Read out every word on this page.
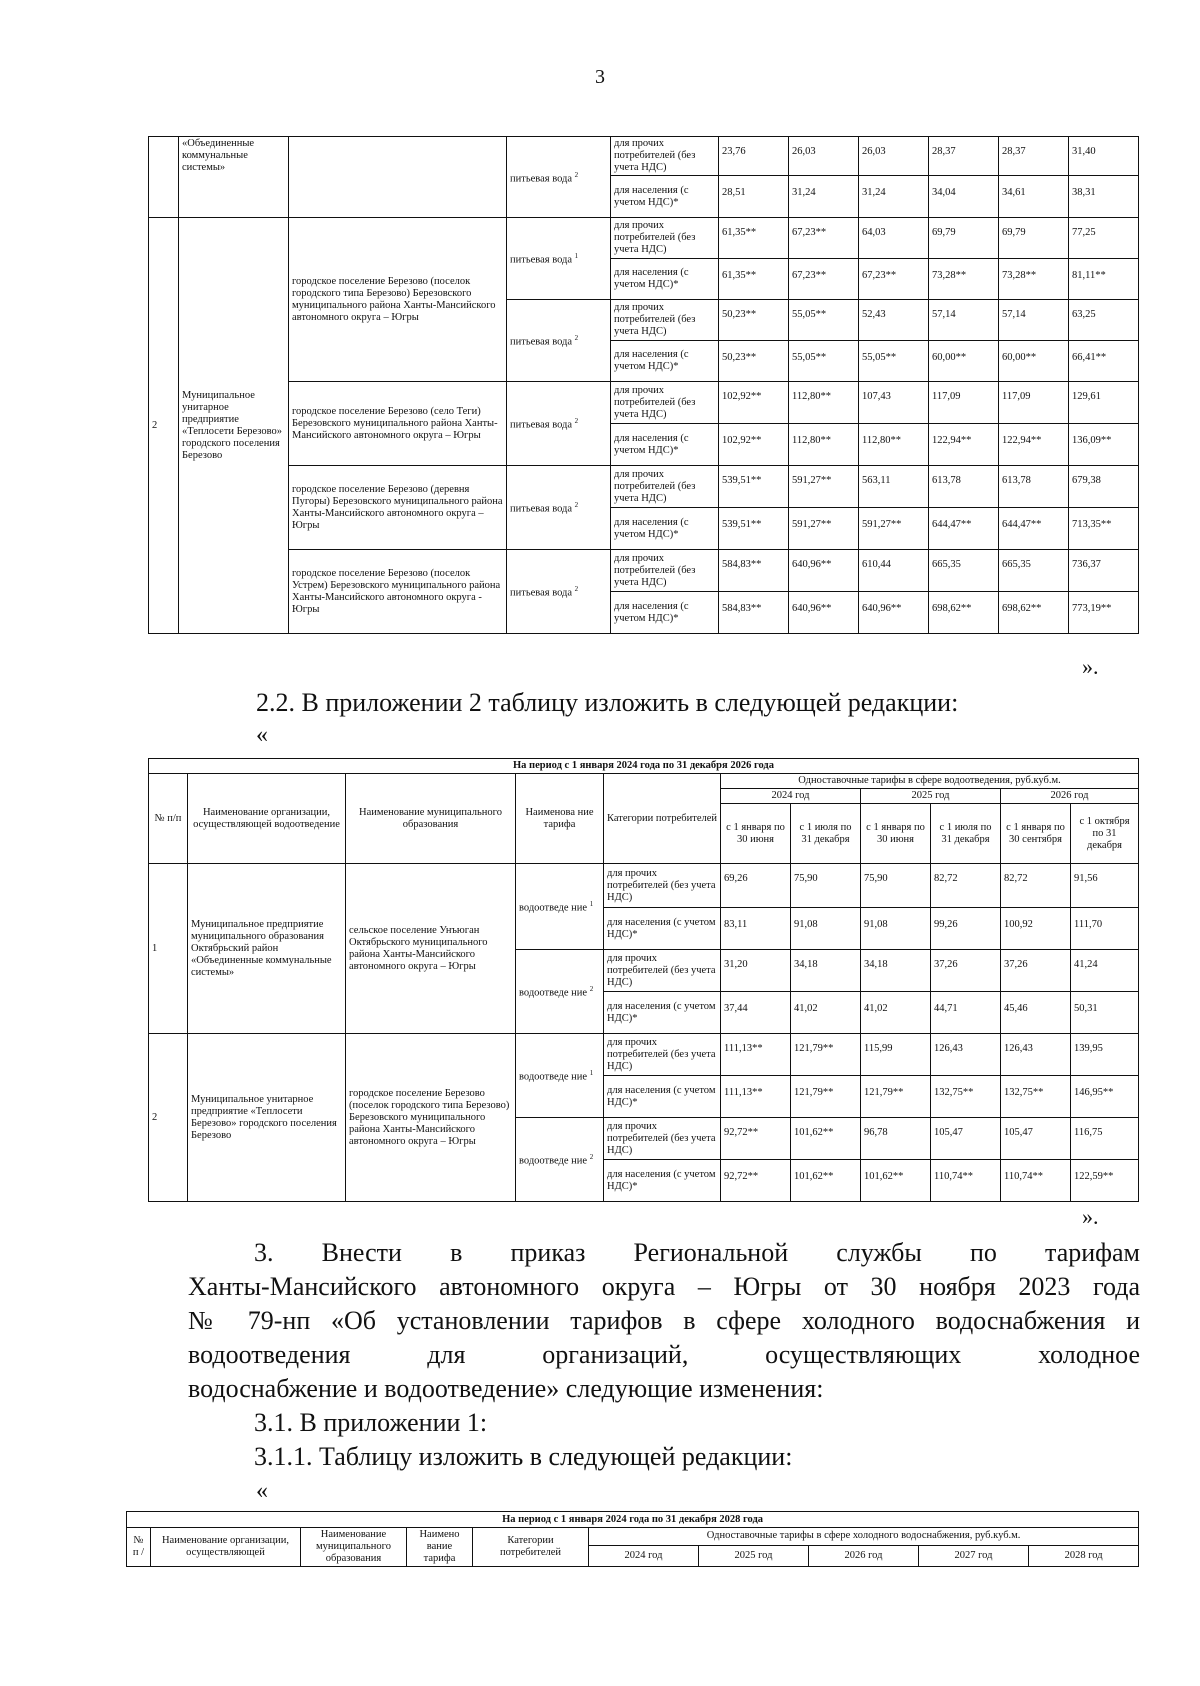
3
	«Объединенные коммунальные системы»		питьевая вода $^2$	для прочих потребителей (без учета НДС)	23,76	26,03	26,03	28,37	28,37	31,40
				для населения (с учетом НДС)*	28,51	31,24	31,24	34,04	34,61	38,31
2	Муниципальное унитарное предприятие «Теплосети Березово» городского поселения Березово	городское поселение Березово (поселок городского типа Березово) Березовского муниципального района Ханты-Мансийского автономного округа – Югры	питьевая вода $^1$	для прочих потребителей (без учета НДС)	61,35**	67,23**	64,03	69,79	69,79	77,25
				для населения (с учетом НДС)*	61,35**	67,23**	67,23**	73,28**	73,28**	81,11**
			питьевая вода $^2$	для прочих потребителей (без учета НДС)	50,23**	55,05**	52,43	57,14	57,14	63,25
				для населения (с учетом НДС)*	50,23**	55,05**	55,05**	60,00**	60,00**	66,41**
		городское поселение Березово (село Теги) Березовского муниципального района Ханты-Мансийского автономного округа – Югры	питьевая вода $^2$	для прочих потребителей (без учета НДС)	102,92**	112,80**	107,43	117,09	117,09	129,61
				для населения (с учетом НДС)*	102,92**	112,80**	112,80**	122,94**	122,94**	136,09**
		городское поселение Березово (деревня Пугоры) Березовского муниципального района Ханты-Мансийского автономного округа – Югры	питьевая вода $^2$	для прочих потребителей (без учета НДС)	539,51**	591,27**	563,11	613,78	613,78	679,38
				для населения (с учетом НДС)*	539,51**	591,27**	591,27**	644,47**	644,47**	713,35**
		городское поселение Березово (поселок Устрем) Березовского муниципального района Ханты-Мансийского автономного округа - Югры	питьевая вода $^2$	для прочих потребителей (без учета НДС)	584,83**	640,96**	610,44	665,35	665,35	736,37
				для населения (с учетом НДС)*	584,83**	640,96**	640,96**	698,62**	698,62**	773,19**
».
2.2. В приложении 2 таблицу изложить в следующей редакции:
«
На период с 1 января 2024 года по 31 декабря 2026 года										
№ п/п	Наименование организации, осуществляющей водоотведение	Наименование муниципального образования	Наименова ние тарифа	Категории потребителей	Одноставочные тарифы в сфере водоотведения, руб.куб.м.					
					2024 год		2025 год		2026 год	
					с 1 января по 30 июня	с 1 июля по 31 декабря	с 1 января по 30 июня	с 1 июля по 31 декабря	с 1 января по 30 сентября	с 1 октября по 31 декабря
1	Муниципальное предприятие муниципального образования Октябрьский район «Объединенные коммунальные системы»	сельское поселение Унъюган Октябрьского муниципального района Ханты-Мансийского автономного округа – Югры	водоотведе ние $^1$	для прочих потребителей (без учета НДС)	69,26	75,90	75,90	82,72	82,72	91,56
				для населения (с учетом НДС)*	83,11	91,08	91,08	99,26	100,92	111,70
			водоотведе ние $^2$	для прочих потребителей (без учета НДС)	31,20	34,18	34,18	37,26	37,26	41,24
				для населения (с учетом НДС)*	37,44	41,02	41,02	44,71	45,46	50,31
2	Муниципальное унитарное предприятие «Теплосети Березово» городского поселения Березово	городское поселение Березово (поселок городского типа Березово) Березовского муниципального района Ханты-Мансийского автономного округа – Югры	водоотведе ние $^1$	для прочих потребителей (без учета НДС)	111,13**	121,79**	115,99	126,43	126,43	139,95
				для населения (с учетом НДС)*	111,13**	121,79**	121,79**	132,75**	132,75**	146,95**
			водоотведе ние $^2$	для прочих потребителей (без учета НДС)	92,72**	101,62**	96,78	105,47	105,47	116,75
				для населения (с учетом НДС)*	92,72**	101,62**	101,62**	110,74**	110,74**	122,59**
».
3. Внести в приказ Региональной службы по тарифам
Ханты-Мансийского автономного округа – Югры от 30 ноября 2023 года
№ 79-нп «Об установлении тарифов в сфере холодного водоснабжения и
водоотведения для организаций, осуществляющих холодное
водоснабжение и водоотведение» следующие изменения:
3.1. В приложении 1:
3.1.1. Таблицу изложить в следующей редакции:
«
На период с 1 января 2024 года по 31 декабря 2028 года									
№ п /	Наименование организации, осуществляющей	Наименование муниципального образования	Наимено вание тарифа	Категории потребителей	Одноставочные тарифы в сфере холодного водоснабжения, руб.куб.м.				
					2024 год	2025 год	2026 год	2027 год	2028 год
